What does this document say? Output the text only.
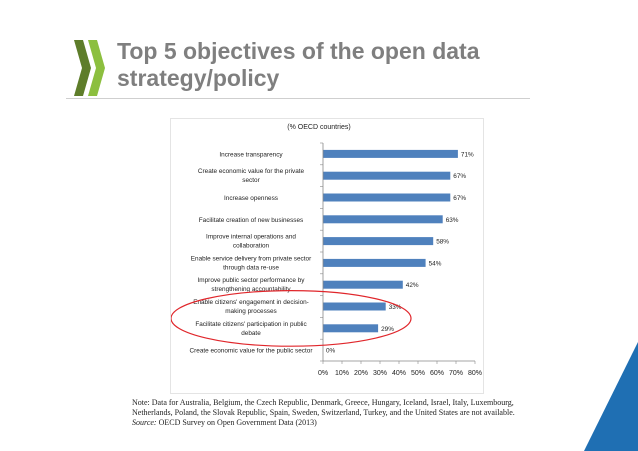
Top 5 objectives of the open data strategy/policy
(% OECD countries)
Increase transparency	71%
Create economic value for the private
sector
67%
Increase openness	67%
Facilitate creation of new businesses	63%
Improve internal operations and
collaboration
58%
Enable service delivery from private sector
through data re-use
54%
Improve public sector performance by
strengthening accountability
42%
Enable citizens' engagement in decision-
making processes
33%
Facilitate citizens' participation in public
debate
29%
Create economic value for the public sector 0%
0% 10% 20% 30% 40% 50% 60% 70% 80%
Note: Data for Australia, Belgium, the Czech Republic, Denmark, Greece, Hungary, Iceland, Israel, Italy, Luxembourg, Netherlands, Poland, the Slovak Republic, Spain, Sweden, Switzerland, Turkey, and the United States are not available.
Source: OECD Survey on Open Government Data (2013)
